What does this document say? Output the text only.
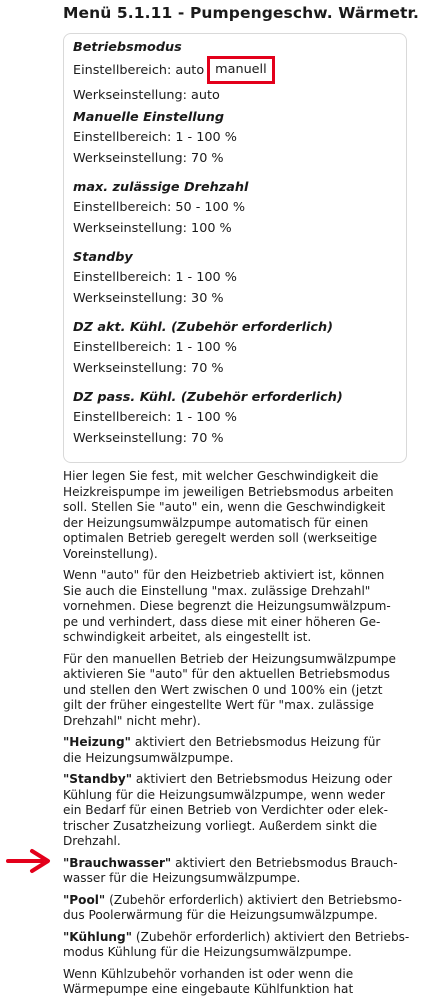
Menü 5.1.11 - Pumpengeschw. Wärmetr.
Betriebsmodus
Einstellbereich: auto manuell
Werkseinstellung: auto
Manuelle Einstellung
Einstellbereich: 1 - 100 %
Werkseinstellung: 70 %
max. zulässige Drehzahl
Einstellbereich: 50 - 100 %
Werkseinstellung: 100 %
Standby
Einstellbereich: 1 - 100 %
Werkseinstellung: 30 %
DZ akt. Kühl. (Zubehör erforderlich)
Einstellbereich: 1 - 100 %
Werkseinstellung: 70 %
DZ pass. Kühl. (Zubehör erforderlich)
Einstellbereich: 1 - 100 %
Werkseinstellung: 70 %

Hier legen Sie fest, mit welcher Geschwindigkeit die
Heizkreispumpe im jeweiligen Betriebsmodus arbeiten
soll. Stellen Sie "auto" ein, wenn die Geschwindigkeit
der Heizungsumwälzpumpe automatisch für einen
optimalen Betrieb geregelt werden soll (werkseitige
Voreinstellung).

Wenn "auto" für den Heizbetrieb aktiviert ist, können
Sie auch die Einstellung "max. zulässige Drehzahl"
vornehmen. Diese begrenzt die Heizungsumwälzpum-
pe und verhindert, dass diese mit einer höheren Ge-
schwindigkeit arbeitet, als eingestellt ist.

Für den manuellen Betrieb der Heizungsumwälzpumpe
aktivieren Sie "auto" für den aktuellen Betriebsmodus
und stellen den Wert zwischen 0 und 100% ein (jetzt
gilt der früher eingestellte Wert für "max. zulässige
Drehzahl" nicht mehr).

"Heizung" aktiviert den Betriebsmodus Heizung für
die Heizungsumwälzpumpe.

"Standby" aktiviert den Betriebsmodus Heizung oder
Kühlung für die Heizungsumwälzpumpe, wenn weder
ein Bedarf für einen Betrieb von Verdichter oder elek-
trischer Zusatzheizung vorliegt. Außerdem sinkt die
Drehzahl.

"Brauchwasser" aktiviert den Betriebsmodus Brauch-
wasser für die Heizungsumwälzpumpe.

"Pool" (Zubehör erforderlich) aktiviert den Betriebsmo-
dus Poolerwärmung für die Heizungsumwälzpumpe.

"Kühlung" (Zubehör erforderlich) aktiviert den Betriebs-
modus Kühlung für die Heizungsumwälzpumpe.

Wenn Kühlzubehör vorhanden ist oder wenn die
Wärmepumpe eine eingebaute Kühlfunktion hat
